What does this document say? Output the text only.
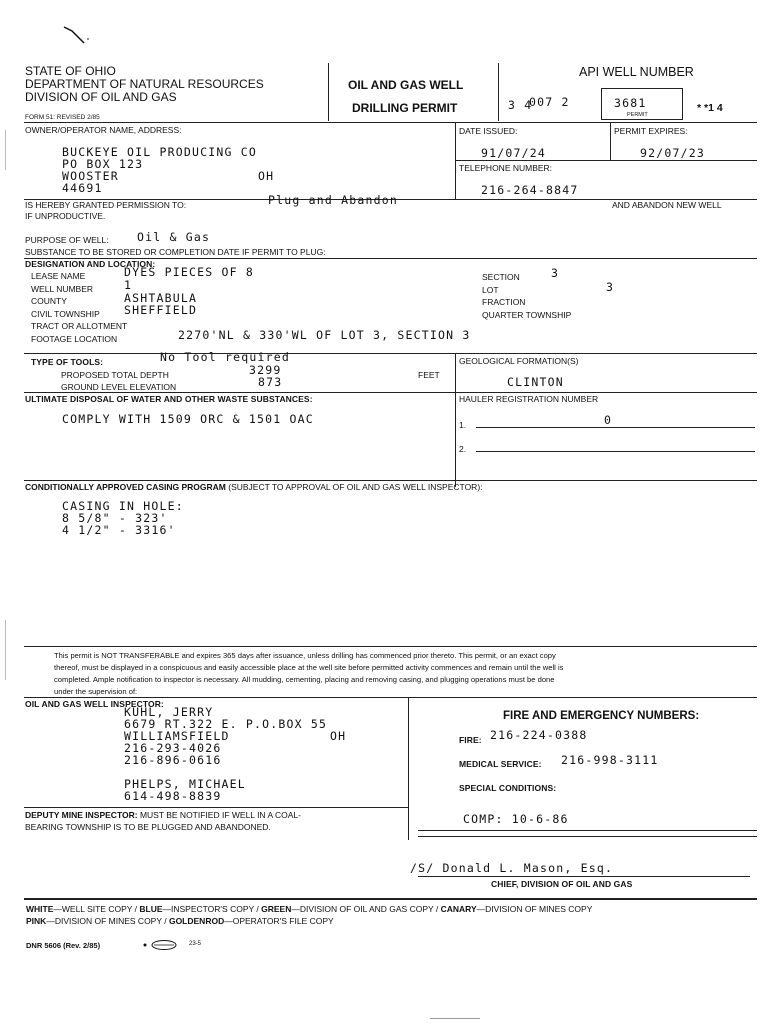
STATE OF OHIO
DEPARTMENT OF NATURAL RESOURCES
DIVISION OF OIL AND GAS
FORM 51: REVISED 2/85
OIL AND GAS WELL
DRILLING PERMIT
API WELL NUMBER
3 4
007 2	3681
PERMIT
* *1 4
OWNER/OPERATOR NAME, ADDRESS:
BUCKEYE OIL PRODUCING CO
PO BOX 123
WOOSTER	OH
44691
DATE ISSUED:
91/07/24
PERMIT EXPIRES:
92/07/23
TELEPHONE NUMBER:
216-264-8847
IS HEREBY GRANTED PERMISSION TO:	Plug and Abandon	AND ABANDON NEW WELL
IF UNPRODUCTIVE.
PURPOSE OF WELL: Oil & Gas
SUBSTANCE TO BE STORED OR COMPLETION DATE IF PERMIT TO PLUG:
DESIGNATION AND LOCATION:
LEASE NAME	DYES PIECES OF 8
WELL NUMBER	1
COUNTY	ASHTABULA
CIVIL TOWNSHIP SHEFFIELD
TRACT OR ALLOTMENT
FOOTAGE LOCATION	2270'NL & 330'WL OF LOT 3, SECTION 3
SECTION	3
LOT	3
FRACTION
QUARTER TOWNSHIP
TYPE OF TOOLS:	No Tool required
PROPOSED TOTAL DEPTH	3299
GROUND LEVEL ELEVATION	873	FEET
GEOLOGICAL FORMATION(S)
CLINTON
ULTIMATE DISPOSAL OF WATER AND OTHER WASTE SUBSTANCES:
COMPLY WITH 1509 ORC & 1501 OAC
HAULER REGISTRATION NUMBER
1.	0
2.
CONDITIONALLY APPROVED CASING PROGRAM (SUBJECT TO APPROVAL OF OIL AND GAS WELL INSPECTOR):
CASING IN HOLE:
8 5/8" - 323'
4 1/2" - 3316'
This permit is NOT TRANSFERABLE and expires 365 days after issuance, unless drilling has commenced prior thereto. This permit, or an exact copy
thereof, must be displayed in a conspicuous and easily accessible place at the well site before permitted activity commences and remain until the well is
completed. Ample notification to inspector is necessary. All mudding, cementing, placing and removing casing, and plugging operations must be done
under the supervision of:
OIL AND GAS WELL INSPECTOR:
KUHL, JERRY
6679 RT.322 E. P.O.BOX 55
WILLIAMSFIELD	OH
216-293-4026
216-896-0616
PHELPS, MICHAEL
614-498-8839
DEPUTY MINE INSPECTOR: MUST BE NOTIFIED IF WELL IN A COAL-
BEARING TOWNSHIP IS TO BE PLUGGED AND ABANDONED.
FIRE AND EMERGENCY NUMBERS:
FIRE: 216-224-0388
MEDICAL SERVICE: 216-998-3111
SPECIAL CONDITIONS:
COMP: 10-6-86
/S/ Donald L. Mason, Esq.
CHIEF, DIVISION OF OIL AND GAS
WHITE—WELL SITE COPY / BLUE—INSPECTOR'S COPY / GREEN—DIVISION OF OIL AND GAS COPY / CANARY—DIVISION OF MINES COPY
PINK—DIVISION OF MINES COPY / GOLDENROD—OPERATOR'S FILE COPY
DNR 5606 (Rev. 2/85)	23-5
